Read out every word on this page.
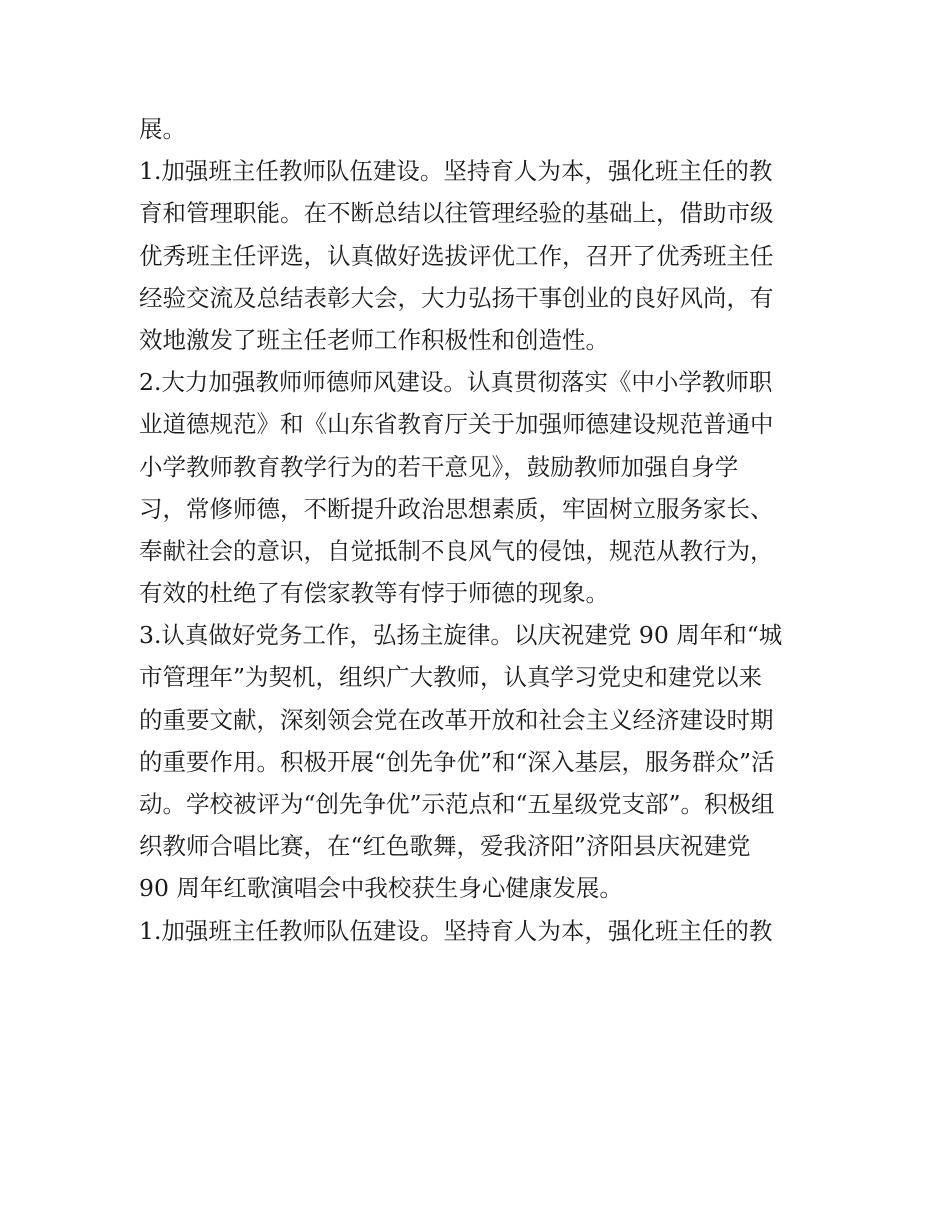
展。
1.加强班主任教师队伍建设。坚持育人为本，强化班主任的教
育和管理职能。在不断总结以往管理经验的基础上，借助市级
优秀班主任评选，认真做好选拔评优工作，召开了优秀班主任
经验交流及总结表彰大会，大力弘扬干事创业的良好风尚，有
效地激发了班主任老师工作积极性和创造性。
2.大力加强教师师德师风建设。认真贯彻落实《中小学教师职
业道德规范》和《山东省教育厅关于加强师德建设规范普通中
小学教师教育教学行为的若干意见》，鼓励教师加强自身学
习，常修师德，不断提升政治思想素质，牢固树立服务家长、
奉献社会的意识，自觉抵制不良风气的侵蚀，规范从教行为，
有效的杜绝了有偿家教等有悖于师德的现象。
3.认真做好党务工作，弘扬主旋律。以庆祝建党 90 周年和“城
市管理年”为契机，组织广大教师，认真学习党史和建党以来
的重要文献，深刻领会党在改革开放和社会主义经济建设时期
的重要作用。积极开展“创先争优”和“深入基层，服务群众”活
动。学校被评为“创先争优”示范点和“五星级党支部”。积极组
织教师合唱比赛，在“红色歌舞，爱我济阳”济阳县庆祝建党
90 周年红歌演唱会中我校获生身心健康发展。
1.加强班主任教师队伍建设。坚持育人为本，强化班主任的教
